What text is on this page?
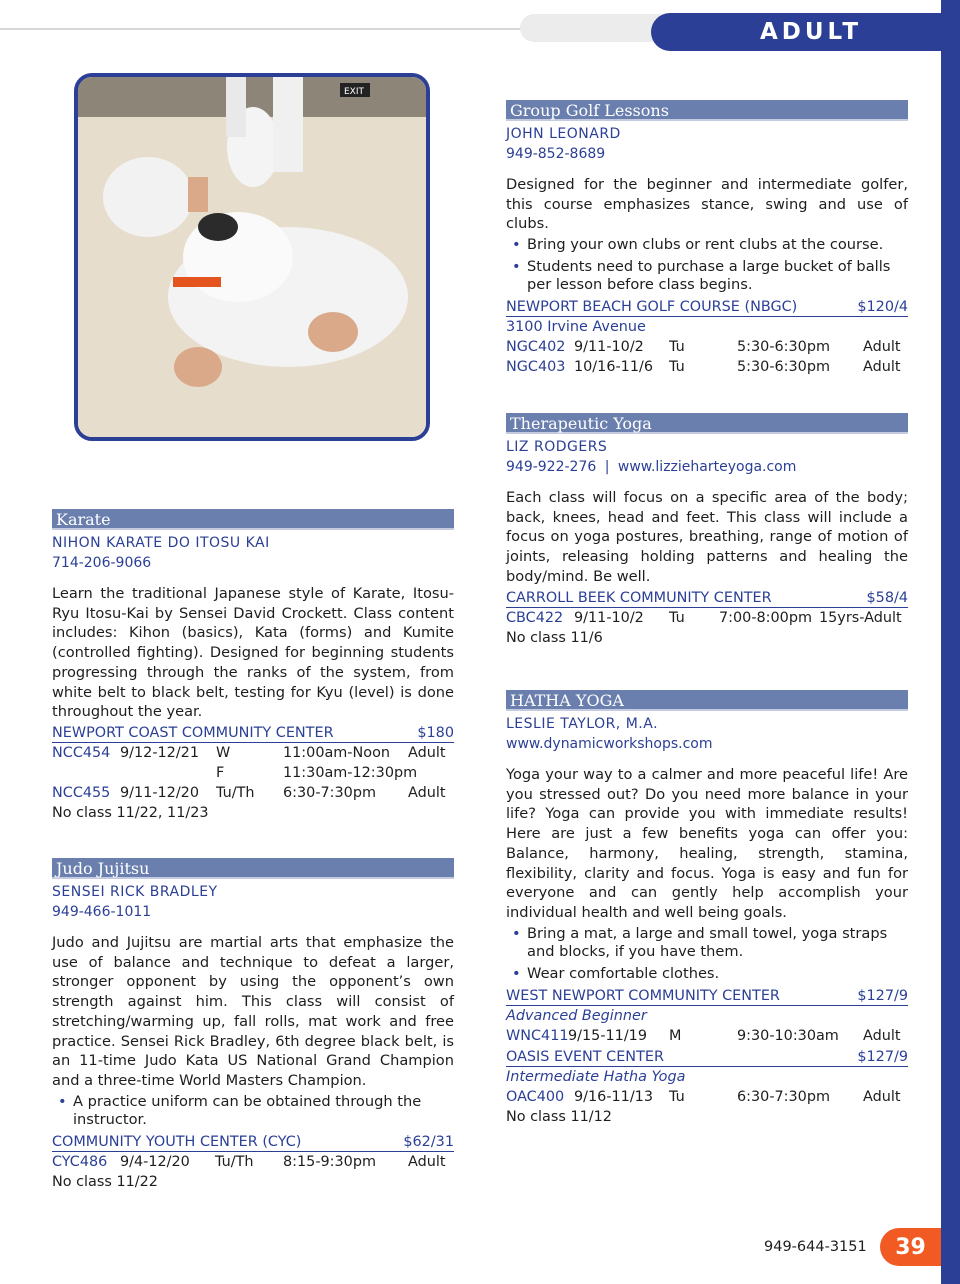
ADULT
EXIT
Karate
NIHON KARATE DO ITOSU KAI
714-206-9066
Learn the traditional Japanese style of Karate, Itosu-Ryu Itosu-Kai by Sensei David Crockett. Class content includes: Kihon (basics), Kata (forms) and Kumite (controlled fighting). Designed for beginning students progressing through the ranks of the system, from white belt to black belt, testing for Kyu (level) is done throughout the year.
NEWPORT COAST COMMUNITY CENTER	$180
NCC454 9/12-12/21 W	11:00am-Noon Adult
F	11:30am-12:30pm
NCC455 9/11-12/20 Tu/Th 6:30-7:30pm Adult
No class 11/22, 11/23
Judo Jujitsu
SENSEI RICK BRADLEY
949-466-1011
Judo and Jujitsu are martial arts that emphasize the use of balance and technique to defeat a larger, stronger opponent by using the opponent’s own strength against him. This class will consist of stretching/warming up, fall rolls, mat work and free practice. Sensei Rick Bradley, 6th degree black belt, is an 11-time Judo Kata US National Grand Champion and a three-time World Masters Champion.
• A practice uniform can be obtained through the instructor.
COMMUNITY YOUTH CENTER (CYC)	$62/31
CYC486 9/4-12/20 Tu/Th 8:15-9:30pm Adult
No class 11/22
Group Golf Lessons
JOHN LEONARD
949-852-8689
Designed for the beginner and intermediate golfer, this course emphasizes stance, swing and use of clubs.
• Bring your own clubs or rent clubs at the course.
• Students need to purchase a large bucket of balls per lesson before class begins.
NEWPORT BEACH GOLF COURSE (NBGC)	$120/4
3100 Irvine Avenue
NGC402 9/11-10/2 Tu	5:30-6:30pm Adult
NGC403 10/16-11/6 Tu	5:30-6:30pm Adult
Therapeutic Yoga
LIZ RODGERS
949-922-276 | www.lizzieharteyoga.com
Each class will focus on a specific area of the body; back, knees, head and feet. This class will include a focus on yoga postures, breathing, range of motion of joints, releasing holding patterns and healing the body/mind. Be well.
CARROLL BEEK COMMUNITY CENTER	$58/4
CBC422 9/11-10/2 Tu 7:00-8:00pm 15yrs-Adult
No class 11/6
HATHA YOGA
LESLIE TAYLOR, M.A.
www.dynamicworkshops.com
Yoga your way to a calmer and more peaceful life! Are you stressed out? Do you need more balance in your life? Yoga can provide you with immediate results! Here are just a few benefits yoga can offer you: Balance, harmony, healing, strength, stamina, flexibility, clarity and focus. Yoga is easy and fun for everyone and can gently help accomplish your individual health and well being goals.
• Bring a mat, a large and small towel, yoga straps and blocks, if you have them.
• Wear comfortable clothes.
WEST NEWPORT COMMUNITY CENTER	$127/9
Advanced Beginner
WNC411 9/15-11/19 M	9:30-10:30am Adult
OASIS EVENT CENTER	$127/9
Intermediate Hatha Yoga
OAC400 9/16-11/13 Tu	6:30-7:30pm Adult
No class 11/12
949-644-3151	39
